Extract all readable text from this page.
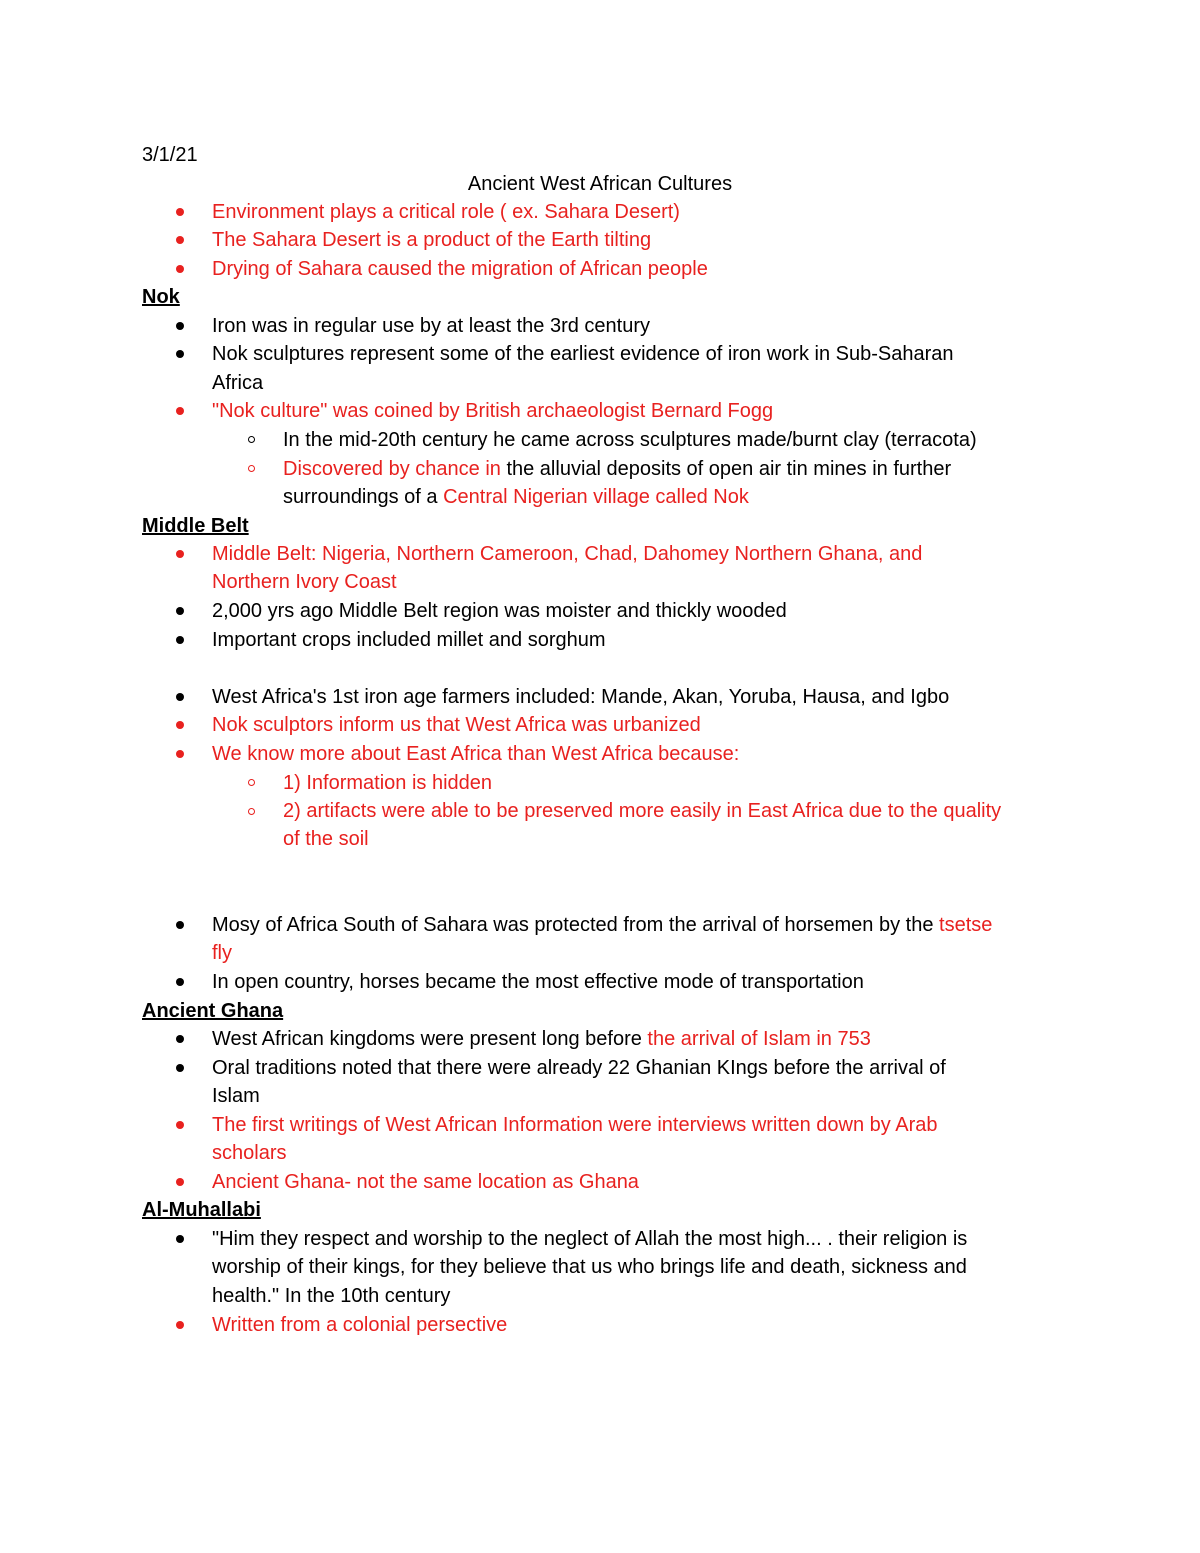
3/1/21
Ancient West African Cultures
Environment plays a critical role ( ex. Sahara Desert)
The Sahara Desert is a product of the Earth tilting
Drying of Sahara caused the migration of African people
Nok
Iron was in regular use by at least the 3rd century
Nok sculptures represent some of the earliest evidence of iron work in Sub-Saharan
Africa
"Nok culture" was coined by British archaeologist Bernard Fogg
In the mid-20th century he came across sculptures made/burnt clay (terracota)
Discovered by chance in the alluvial deposits of open air tin mines in further
surroundings of a Central Nigerian village called Nok
Middle Belt
Middle Belt: Nigeria, Northern Cameroon, Chad, Dahomey Northern Ghana, and
Northern Ivory Coast
2,000 yrs ago Middle Belt region was moister and thickly wooded
Important crops included millet and sorghum
West Africa's 1st iron age farmers included: Mande, Akan, Yoruba, Hausa, and Igbo
Nok sculptors inform us that West Africa was urbanized
We know more about East Africa than West Africa because:
1) Information is hidden
2) artifacts were able to be preserved more easily in East Africa due to the quality
of the soil
Mosy of Africa South of Sahara was protected from the arrival of horsemen by the tsetse
fly
In open country, horses became the most effective mode of transportation
Ancient Ghana
West African kingdoms were present long before the arrival of Islam in 753
Oral traditions noted that there were already 22 Ghanian KIngs before the arrival of
Islam
The first writings of West African Information were interviews written down by Arab
scholars
Ancient Ghana- not the same location as Ghana
Al-Muhallabi
"Him they respect and worship to the neglect of Allah the most high... . their religion is
worship of their kings, for they believe that us who brings life and death, sickness and
health." In the 10th century
Written from a colonial persective
